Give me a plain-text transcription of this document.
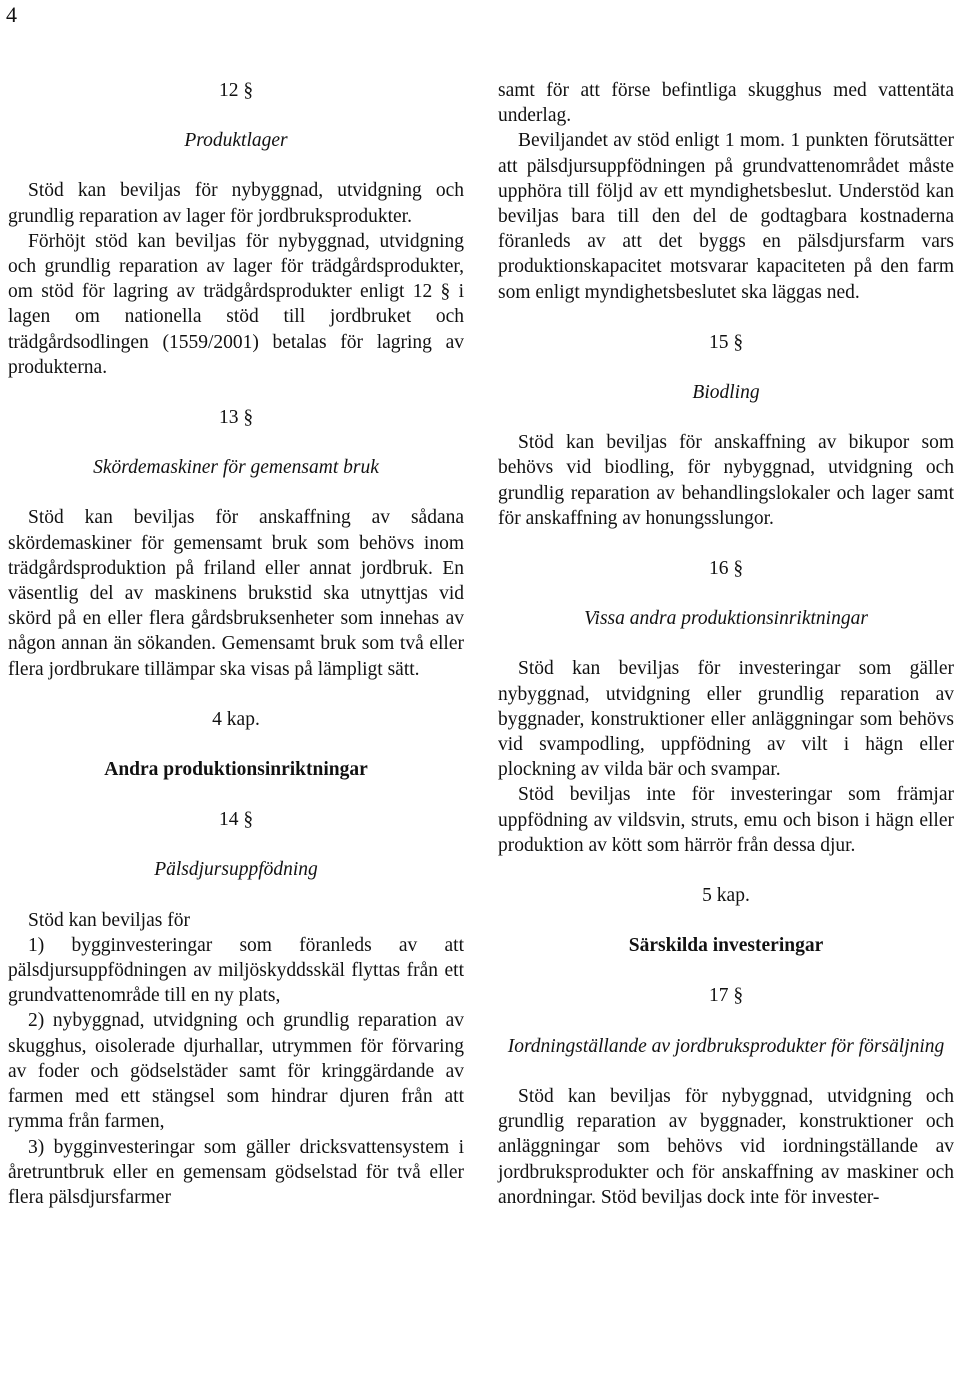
4
12 §
Produktlager

Stöd kan beviljas för nybyggnad, utvidgning och grundlig reparation av lager för jordbruksprodukter.

Förhöjt stöd kan beviljas för nybyggnad, utvidgning och grundlig reparation av lager för trädgårdsprodukter, om stöd för lagring av trädgårdsprodukter enligt 12 § i lagen om nationella stöd till jordbruket och trädgårdsodlingen (1559/2001) betalas för lagring av produkterna.

13 §
Skördemaskiner för gemensamt bruk

Stöd kan beviljas för anskaffning av sådana skördemaskiner för gemensamt bruk som behövs inom trädgårdsproduktion på friland eller annat jordbruk. En väsentlig del av maskinens brukstid ska utnyttjas vid skörd på en eller flera gårdsbruksenheter som innehas av någon annan än sökanden. Gemensamt bruk som två eller flera jordbrukare tillämpar ska visas på lämpligt sätt.

4 kap.
Andra produktionsinriktningar
14 §
Pälsdjursuppfödning

Stöd kan beviljas för

1) bygginvesteringar som föranleds av att pälsdjursuppfödningen av miljöskyddsskäl flyttas från ett grundvattenområde till en ny plats,

2) nybyggnad, utvidgning och grundlig reparation av skugghus, oisolerade djurhallar, utrymmen för förvaring av foder och gödselstäder samt för kringgärdande av farmen med ett stängsel som hindrar djuren från att rymma från farmen,

3) bygginvesteringar som gäller dricksvattensystem i åretruntbruk eller en gemensam gödselstad för två eller flera pälsdjursfarmer

samt för att förse befintliga skugghus med vattentäta underlag.

Beviljandet av stöd enligt 1 mom. 1 punkten förutsätter att pälsdjursuppfödningen på grundvattenområdet måste upphöra till följd av ett myndighetsbeslut. Understöd kan beviljas bara till den del de godtagbara kostnaderna föranleds av att det byggs en pälsdjursfarm vars produktionskapacitet motsvarar kapaciteten på den farm som enligt myndighetsbeslutet ska läggas ned.

15 §
Biodling

Stöd kan beviljas för anskaffning av bikupor som behövs vid biodling, för nybyggnad, utvidgning och grundlig reparation av behandlingslokaler och lager samt för anskaffning av honungsslungor.

16 §
Vissa andra produktionsinriktningar

Stöd kan beviljas för investeringar som gäller nybyggnad, utvidgning eller grundlig reparation av byggnader, konstruktioner eller anläggningar som behövs vid svampodling, uppfödning av vilt i hägn eller plockning av vilda bär och svampar.

Stöd beviljas inte för investeringar som främjar uppfödning av vildsvin, struts, emu och bison i hägn eller produktion av kött som härrör från dessa djur.

5 kap.
Särskilda investeringar
17 §
Iordningställande av jordbruksprodukter för försäljning

Stöd kan beviljas för nybyggnad, utvidgning och grundlig reparation av byggnader, konstruktioner och anläggningar som behövs vid iordningställande av jordbruksprodukter och för anskaffning av maskiner och anordningar. Stöd beviljas dock inte för invester-
